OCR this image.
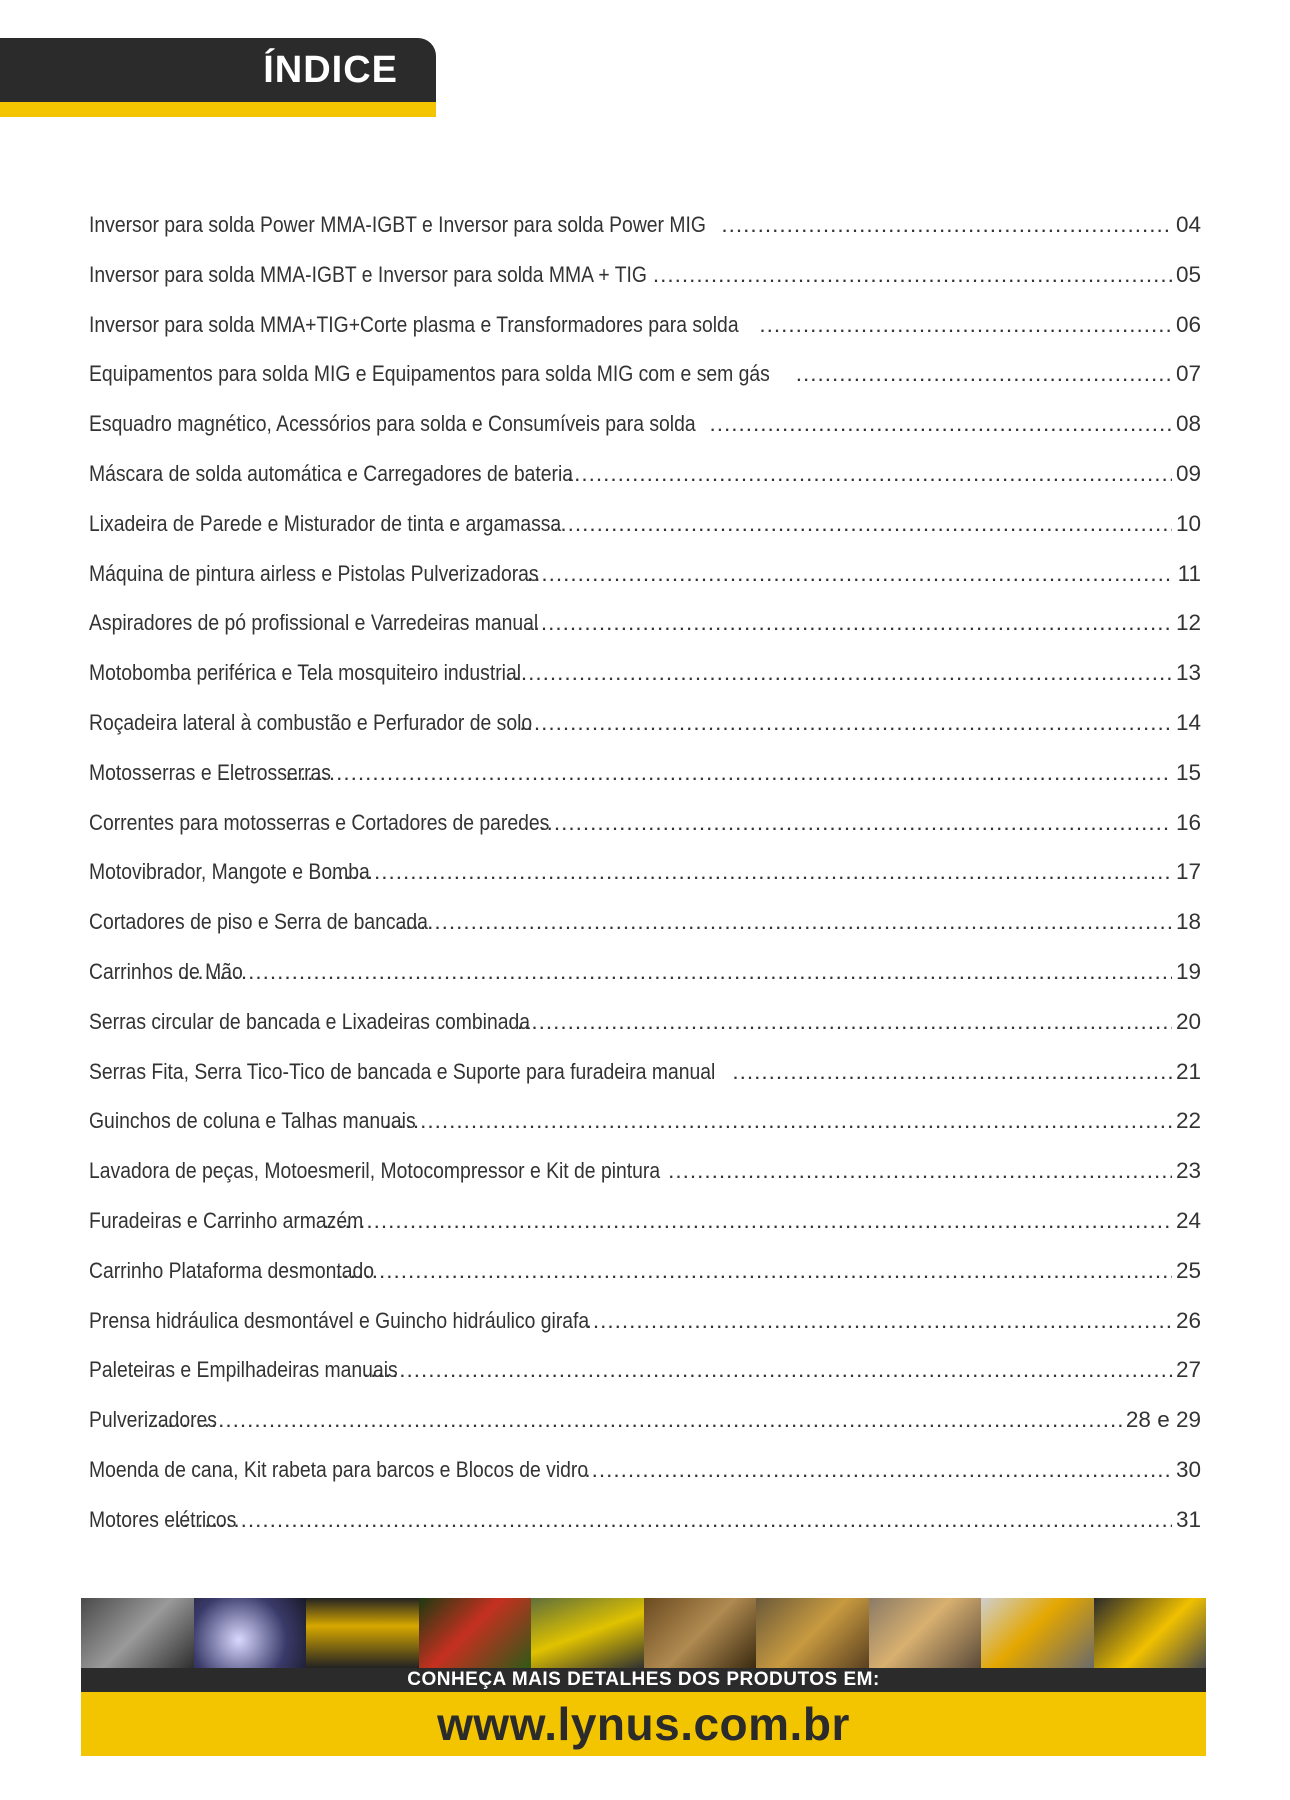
ÍNDICE
Inversor para solda Power MMA-IGBT e Inversor para solda Power MIG .....	04
Inversor para solda MMA-IGBT e Inversor para solda MMA + TIG .....	05
Inversor para solda MMA+TIG+Corte plasma e Transformadores para solda .....	06
Equipamentos para solda MIG e Equipamentos para solda MIG com e sem gás .....	07
Esquadro magnético, Acessórios para solda e Consumíveis para solda .....	08
Máscara de solda automática e Carregadores de bateria .....	09
Lixadeira de Parede e Misturador de tinta e argamassa .....	10
Máquina de pintura airless e Pistolas Pulverizadoras .....	11
Aspiradores de pó profissional e Varredeiras manual .....	12
Motobomba periférica e Tela mosquiteiro industrial .....	13
Roçadeira lateral à combustão e Perfurador de solo .....	14
Motosserras e Eletrosserras .....	15
Correntes para motosserras e Cortadores de paredes .....	16
Motovibrador, Mangote e Bomba .....	17
Cortadores de piso e Serra de bancada .....	18
Carrinhos de Mão .....	19
Serras circular de bancada e Lixadeiras combinada .....	20
Serras Fita, Serra Tico-Tico de bancada e Suporte para furadeira manual .....	21
Guinchos de coluna e Talhas manuais .....	22
Lavadora de peças, Motoesmeril, Motocompressor e Kit de pintura .....	23
Furadeiras e Carrinho armazém .....	24
Carrinho Plataforma desmontado .....	25
Prensa hidráulica desmontável e Guincho hidráulico girafa .....	26
Paleteiras e Empilhadeiras manuais .....	27
Pulverizadores .....	28 e 29
Moenda de cana, Kit rabeta para barcos e Blocos de vidro .....	30
Motores elétricos .....	31
CONHEÇA MAIS DETALHES DOS PRODUTOS EM:
www.lynus.com.br
